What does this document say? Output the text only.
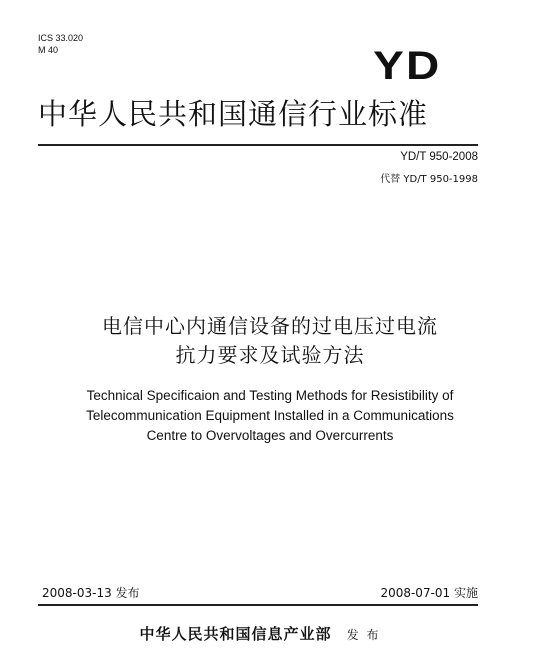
ICS 33.020
M 40	YD
中华人民共和国通信行业标准
YD/T 950-2008
代替 YD/T 950-1998
电信中心内通信设备的过电压过电流
抗力要求及试验方法
Technical Specificaion and Testing Methods for Resistibility of
Telecommunication Equipment Installed in a Communications
Centre to Overvoltages and Overcurrents
2008-03-13 发布	2008-07-01 实施
中华人民共和国信息产业部 发 布
